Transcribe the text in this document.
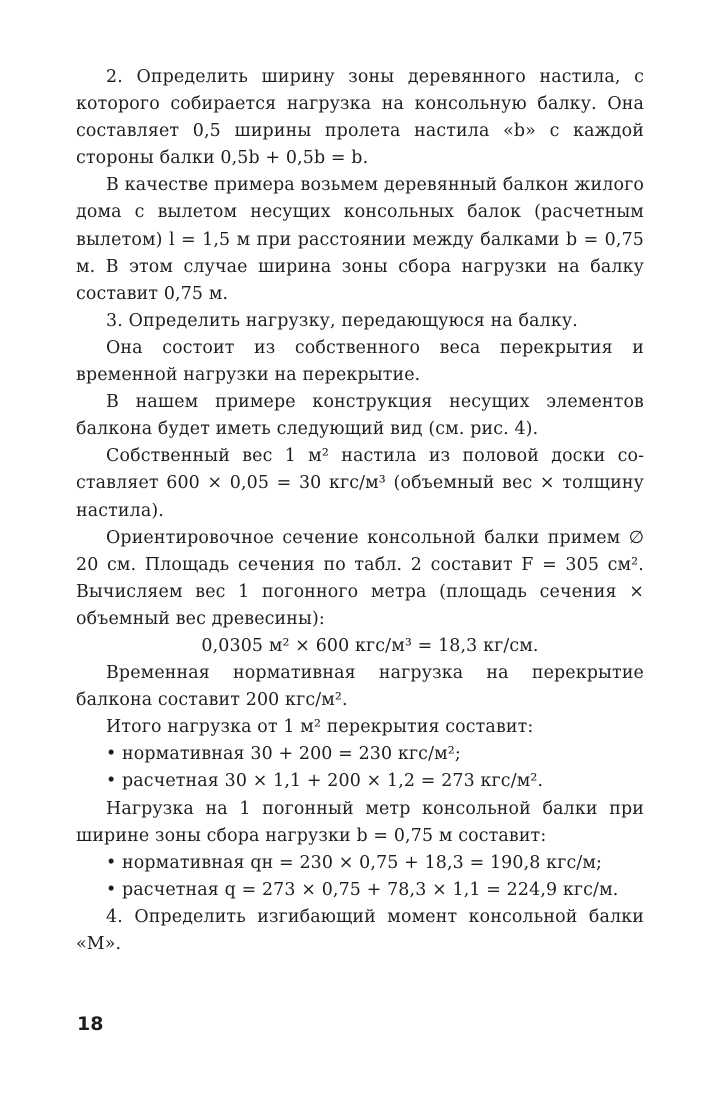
2. Определить ширину зоны деревянного настила, с которого собирается нагрузка на консольную балку. Она составляет 0,5 ширины пролета настила «b» с каждой стороны балки 0,5b + 0,5b = b.

В качестве примера возьмем деревянный балкон жилого дома с вылетом несущих консольных балок (расчетным вылетом) l = 1,5 м при расстоянии между балками b = 0,75 м. В этом случае ширина зоны сбора нагрузки на балку составит 0,75 м.

3. Определить нагрузку, передающуюся на балку.

Она состоит из собственного веса перекрытия и временной нагрузки на перекрытие.

В нашем примере конструкция несущих элементов балкона будет иметь следующий вид (см. рис. 4).

Собственный вес 1 м² настила из половой доски составляет 600 × 0,05 = 30 кгс/м³ (объемный вес × толщину настила).

Ориентировочное сечение консольной балки примем ∅ 20 см. Площадь сечения по табл. 2 составит F = 305 см². Вычисляем вес 1 погонного метра (площадь сечения × объемный вес древесины):

0,0305 м² × 600 кгс/м³ = 18,3 кг/см.

Временная нормативная нагрузка на перекрытие балкона составит 200 кгс/м².

Итого нагрузка от 1 м² перекрытия составит:

• нормативная 30 + 200 = 230 кгс/м²;

• расчетная 30 × 1,1 + 200 × 1,2 = 273 кгс/м².

Нагрузка на 1 погонный метр консольной балки при ширине зоны сбора нагрузки b = 0,75 м составит:

• нормативная qн = 230 × 0,75 + 18,3 = 190,8 кгс/м;

• расчетная q = 273 × 0,75 + 78,3 × 1,1 = 224,9 кгс/м.

4. Определить изгибающий момент консольной балки «М».

18
